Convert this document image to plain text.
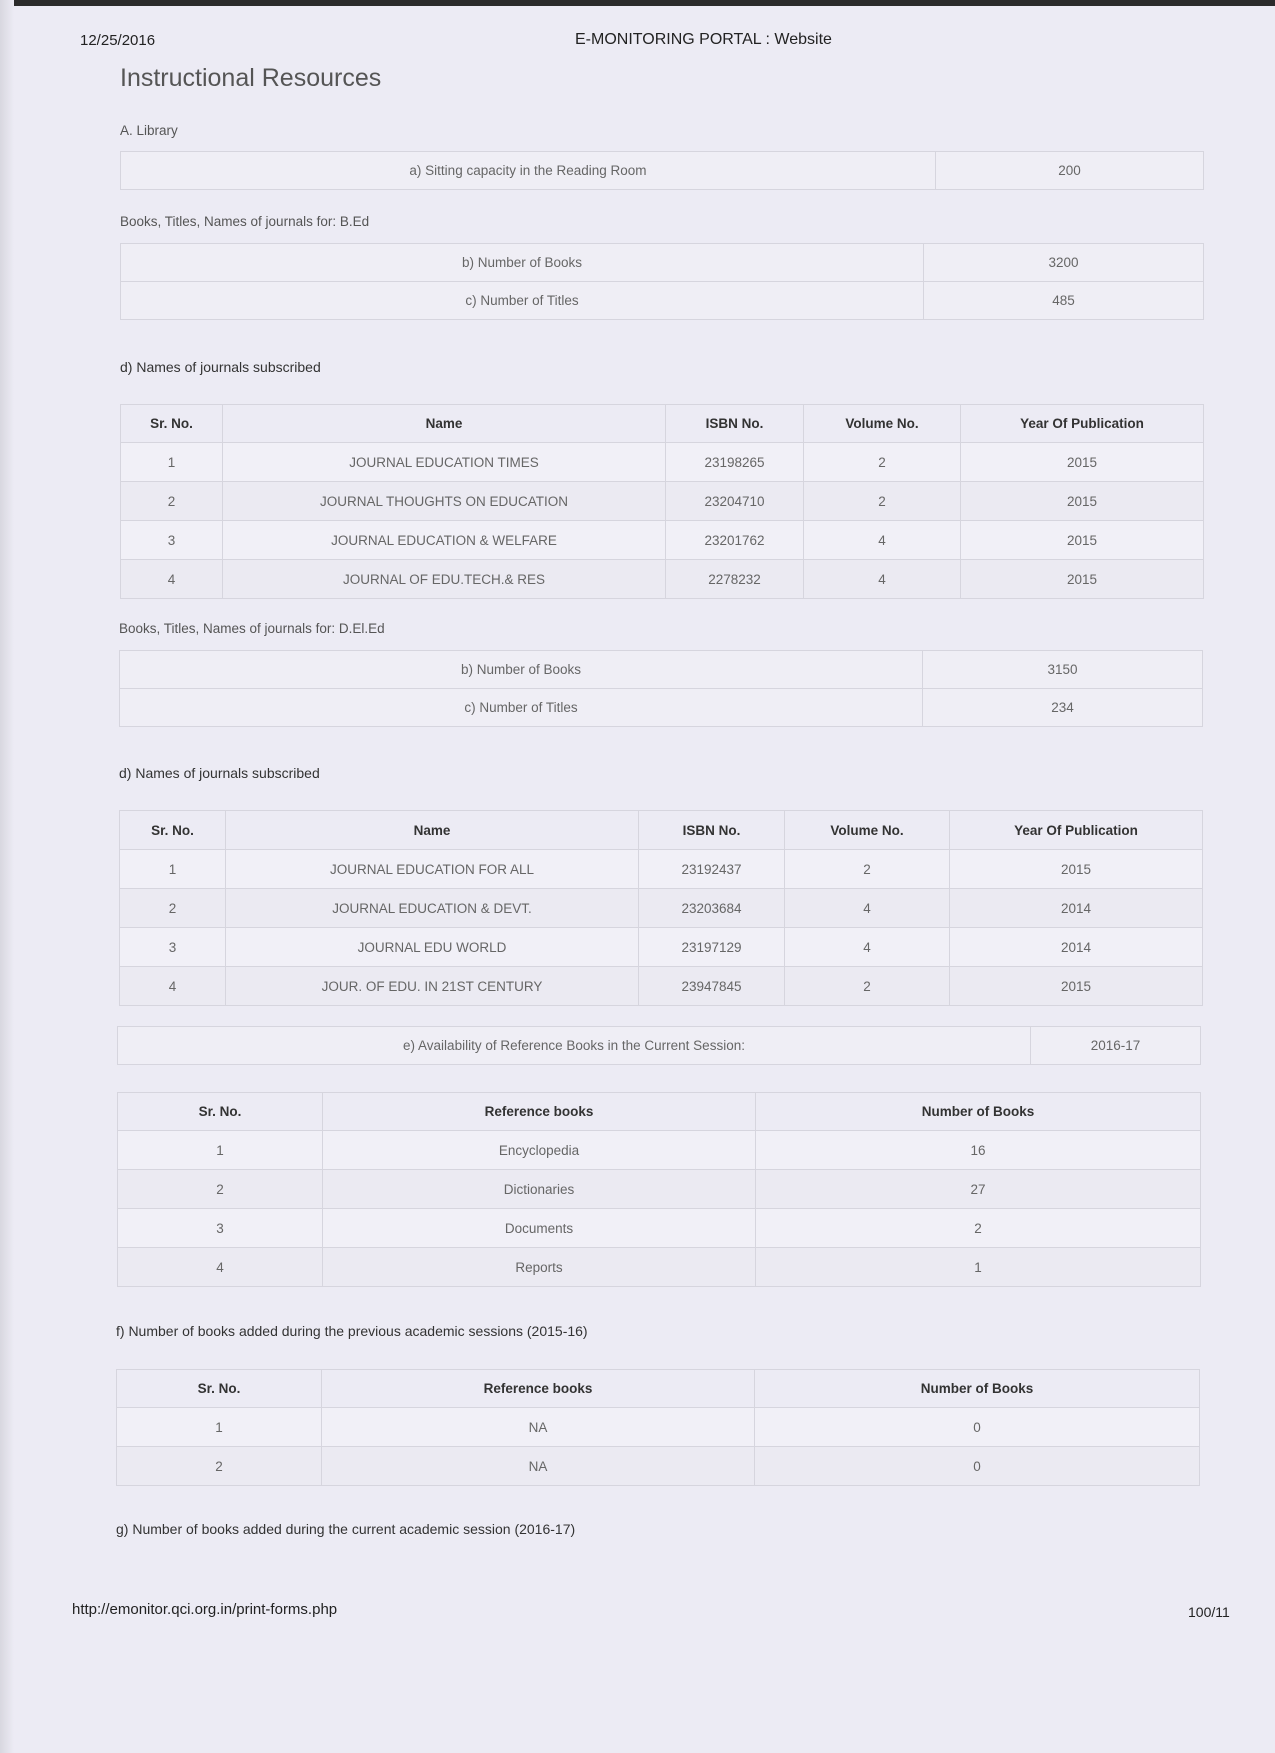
12/25/2016	E-MONITORING PORTAL : Website
Instructional Resources
A. Library
a) Sitting capacity in the Reading Room	200
Books, Titles, Names of journals for: B.Ed
b) Number of Books	3200
c) Number of Titles	485
d) Names of journals subscribed
Sr. No.	Name	ISBN No.	Volume No.	Year Of Publication
1	JOURNAL EDUCATION TIMES	23198265	2	2015
2	JOURNAL THOUGHTS ON EDUCATION	23204710	2	2015
3	JOURNAL EDUCATION & WELFARE	23201762	4	2015
4	JOURNAL OF EDU.TECH.& RES	2278232	4	2015
Books, Titles, Names of journals for: D.El.Ed
b) Number of Books	3150
c) Number of Titles	234
d) Names of journals subscribed
Sr. No.	Name	ISBN No.	Volume No.	Year Of Publication
1	JOURNAL EDUCATION FOR ALL	23192437	2	2015
2	JOURNAL EDUCATION & DEVT.	23203684	4	2014
3	JOURNAL EDU WORLD	23197129	4	2014
4	JOUR. OF EDU. IN 21ST CENTURY	23947845	2	2015
e) Availability of Reference Books in the Current Session:	2016-17
Sr. No.	Reference books	Number of Books
1	Encyclopedia	16
2	Dictionaries	27
3	Documents	2
4	Reports	1
f) Number of books added during the previous academic sessions (2015-16)
Sr. No.	Reference books	Number of Books
1	NA	0
2	NA	0
g) Number of books added during the current academic session (2016-17)
http://emonitor.qci.org.in/print-forms.php	100/11
